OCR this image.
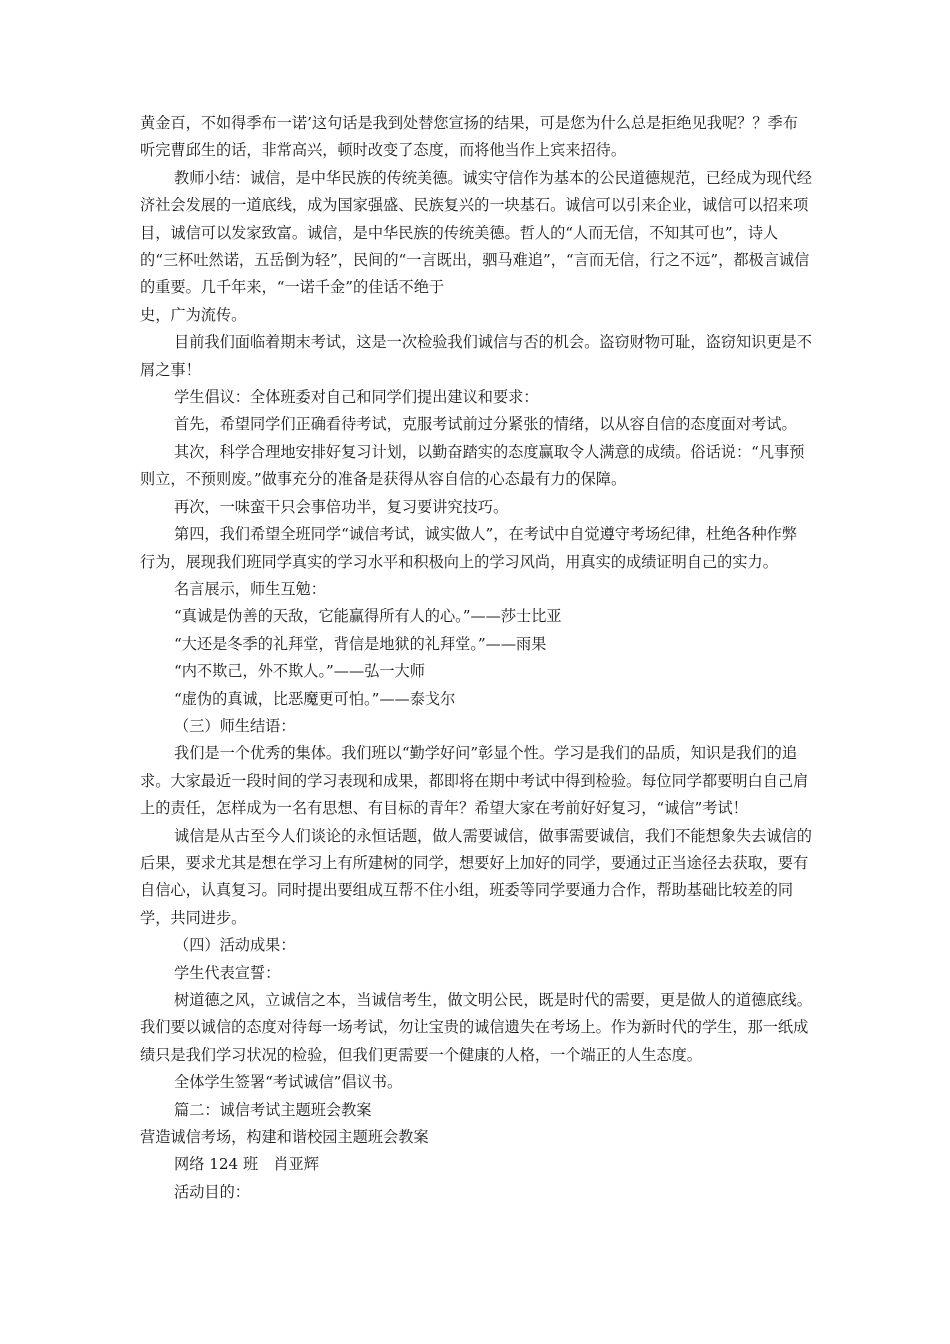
黄金百，不如得季布一诺’这句话是我到处替您宣扬的结果，可是您为什么总是拒绝见我呢？？季布听完曹邱生的话，非常高兴，顿时改变了态度，而将他当作上宾来招待。

教师小结：诚信，是中华民族的传统美德。诚实守信作为基本的公民道德规范，已经成为现代经济社会发展的一道底线，成为国家强盛、民族复兴的一块基石。诚信可以引来企业，诚信可以招来项目，诚信可以发家致富。诚信，是中华民族的传统美德。哲人的“人而无信，不知其可也”，诗人的“三杯吐然诺，五岳倒为轻”，民间的“一言既出，驷马难追”，“言而无信，行之不远”，都极言诚信的重要。几千年来，“一诺千金”的佳话不绝于

史，广为流传。

目前我们面临着期末考试，这是一次检验我们诚信与否的机会。盗窃财物可耻，盗窃知识更是不屑之事！

学生倡议：全体班委对自己和同学们提出建议和要求：

首先，希望同学们正确看待考试，克服考试前过分紧张的情绪，以从容自信的态度面对考试。

其次，科学合理地安排好复习计划，以勤奋踏实的态度赢取令人满意的成绩。俗话说：“凡事预则立，不预则废。”做事充分的准备是获得从容自信的心态最有力的保障。

再次，一味蛮干只会事倍功半，复习要讲究技巧。

第四，我们希望全班同学“诚信考试，诚实做人”，在考试中自觉遵守考场纪律，杜绝各种作弊行为，展现我们班同学真实的学习水平和积极向上的学习风尚，用真实的成绩证明自己的实力。

名言展示，师生互勉：

“真诚是伪善的天敌，它能赢得所有人的心。”——莎士比亚

“大还是冬季的礼拜堂，背信是地狱的礼拜堂。”——雨果

“内不欺己，外不欺人。”——弘一大师

“虚伪的真诚，比恶魔更可怕。”——泰戈尔

（三）师生结语：

我们是一个优秀的集体。我们班以“勤学好问”彰显个性。学习是我们的品质，知识是我们的追求。大家最近一段时间的学习表现和成果，都即将在期中考试中得到检验。每位同学都要明白自己肩上的责任，怎样成为一名有思想、有目标的青年？希望大家在考前好好复习，“诚信”考试！

诚信是从古至今人们谈论的永恒话题，做人需要诚信，做事需要诚信，我们不能想象失去诚信的后果，要求尤其是想在学习上有所建树的同学，想要好上加好的同学，要通过正当途径去获取，要有自信心，认真复习。同时提出要组成互帮不住小组，班委等同学要通力合作，帮助基础比较差的同学，共同进步。

（四）活动成果：

学生代表宣誓：

树道德之风，立诚信之本，当诚信考生，做文明公民，既是时代的需要，更是做人的道德底线。我们要以诚信的态度对待每一场考试，勿让宝贵的诚信遗失在考场上。作为新时代的学生，那一纸成绩只是我们学习状况的检验，但我们更需要一个健康的人格，一个端正的人生态度。

全体学生签署“考试诚信”倡议书。

篇二：诚信考试主题班会教案

营造诚信考场，构建和谐校园主题班会教案

网络 124 班　肖亚辉

活动目的：
